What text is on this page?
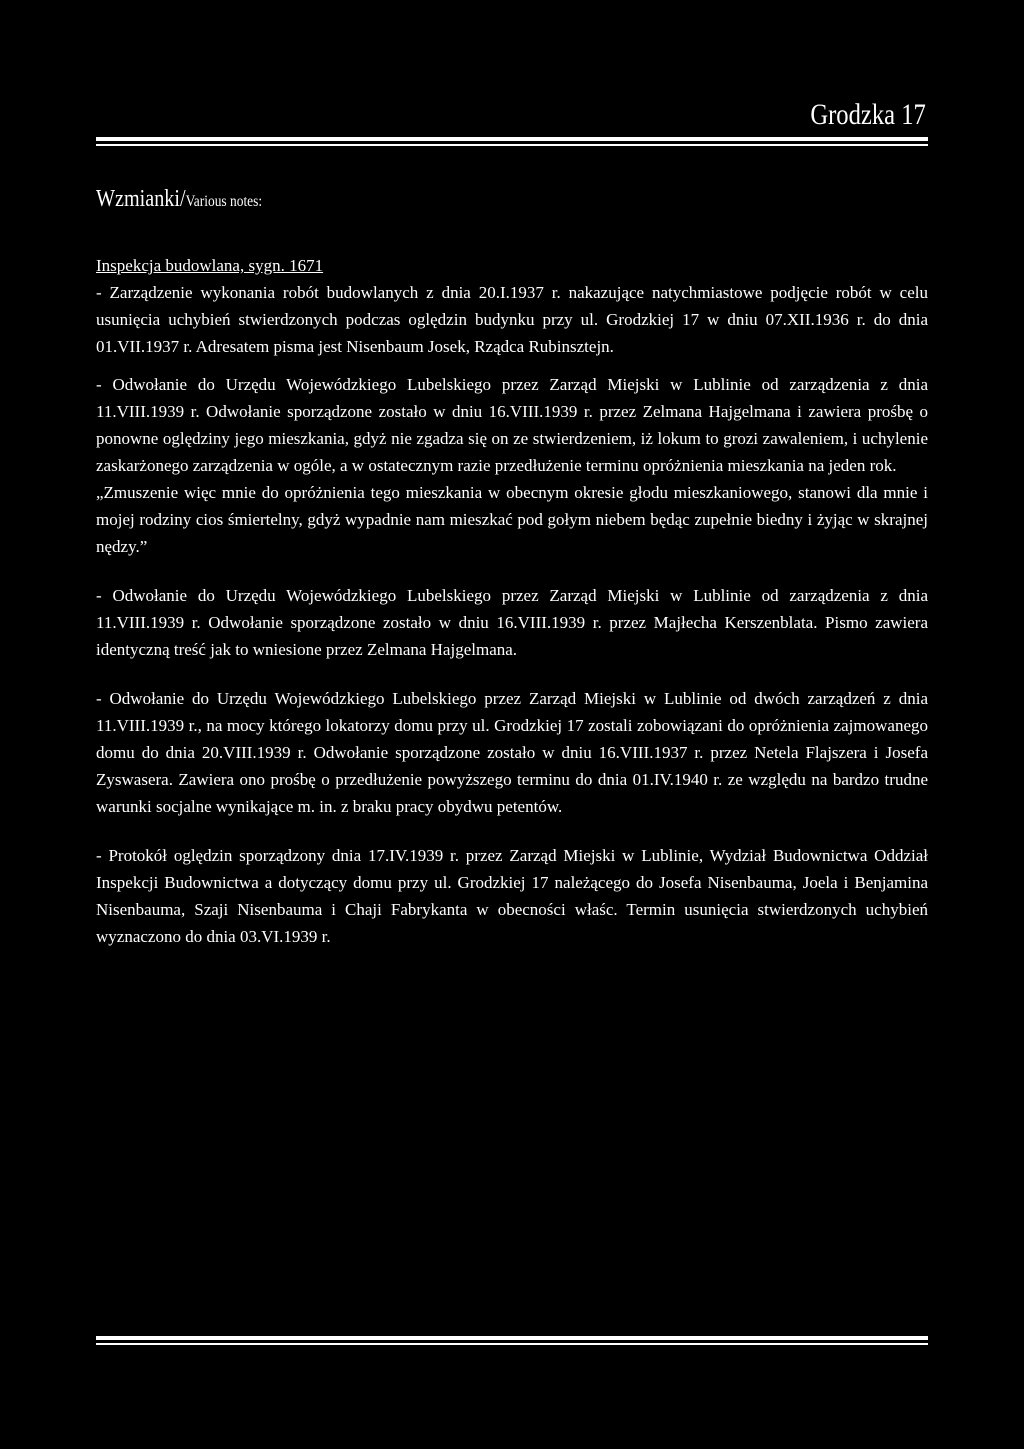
Grodzka 17
Wzmianki/Various notes:

Inspekcja budowlana, sygn. 1671

- Zarządzenie wykonania robót budowlanych z dnia 20.I.1937 r. nakazujące natychmiastowe podjęcie robót w celu usunięcia uchybień stwierdzonych podczas oględzin budynku przy ul. Grodzkiej 17 w dniu 07.XII.1936 r. do dnia 01.VII.1937 r. Adresatem pisma jest Nisenbaum Josek, Rządca Rubinsztejn.

- Odwołanie do Urzędu Wojewódzkiego Lubelskiego przez Zarząd Miejski w Lublinie od zarządzenia z dnia 11.VIII.1939 r. Odwołanie sporządzone zostało w dniu 16.VIII.1939 r. przez Zelmana Hajgelmana i zawiera prośbę o ponowne oględziny jego mieszkania, gdyż nie zgadza się on ze stwierdzeniem, iż lokum to grozi zawaleniem, i uchylenie zaskarżonego zarządzenia w ogóle, a w ostatecznym razie przedłużenie terminu opróżnienia mieszkania na jeden rok.

„Zmuszenie więc mnie do opróżnienia tego mieszkania w obecnym okresie głodu mieszkaniowego, stanowi dla mnie i mojej rodziny cios śmiertelny, gdyż wypadnie nam mieszkać pod gołym niebem będąc zupełnie biedny i żyjąc w skrajnej nędzy.”

- Odwołanie do Urzędu Wojewódzkiego Lubelskiego przez Zarząd Miejski w Lublinie od zarządzenia z dnia 11.VIII.1939 r. Odwołanie sporządzone zostało w dniu 16.VIII.1939 r. przez Majłecha Kerszenblata. Pismo zawiera identyczną treść jak to wniesione przez Zelmana Hajgelmana.

- Odwołanie do Urzędu Wojewódzkiego Lubelskiego przez Zarząd Miejski w Lublinie od dwóch zarządzeń z dnia 11.VIII.1939 r., na mocy którego lokatorzy domu przy ul. Grodzkiej 17 zostali zobowiązani do opróżnienia zajmowanego domu do dnia 20.VIII.1939 r. Odwołanie sporządzone zostało w dniu 16.VIII.1937 r. przez Netela Flajszera i Josefa Zyswasera. Zawiera ono prośbę o przedłużenie powyższego terminu do dnia 01.IV.1940 r. ze względu na bardzo trudne warunki socjalne wynikające m. in. z braku pracy obydwu petentów.

- Protokół oględzin sporządzony dnia 17.IV.1939 r. przez Zarząd Miejski w Lublinie, Wydział Budownictwa Oddział Inspekcji Budownictwa a dotyczący domu przy ul. Grodzkiej 17 należącego do Josefa Nisenbauma, Joela i Benjamina Nisenbauma, Szaji Nisenbauma i Chaji Fabrykanta w obecności właśc. Termin usunięcia stwierdzonych uchybień wyznaczono do dnia 03.VI.1939 r.
